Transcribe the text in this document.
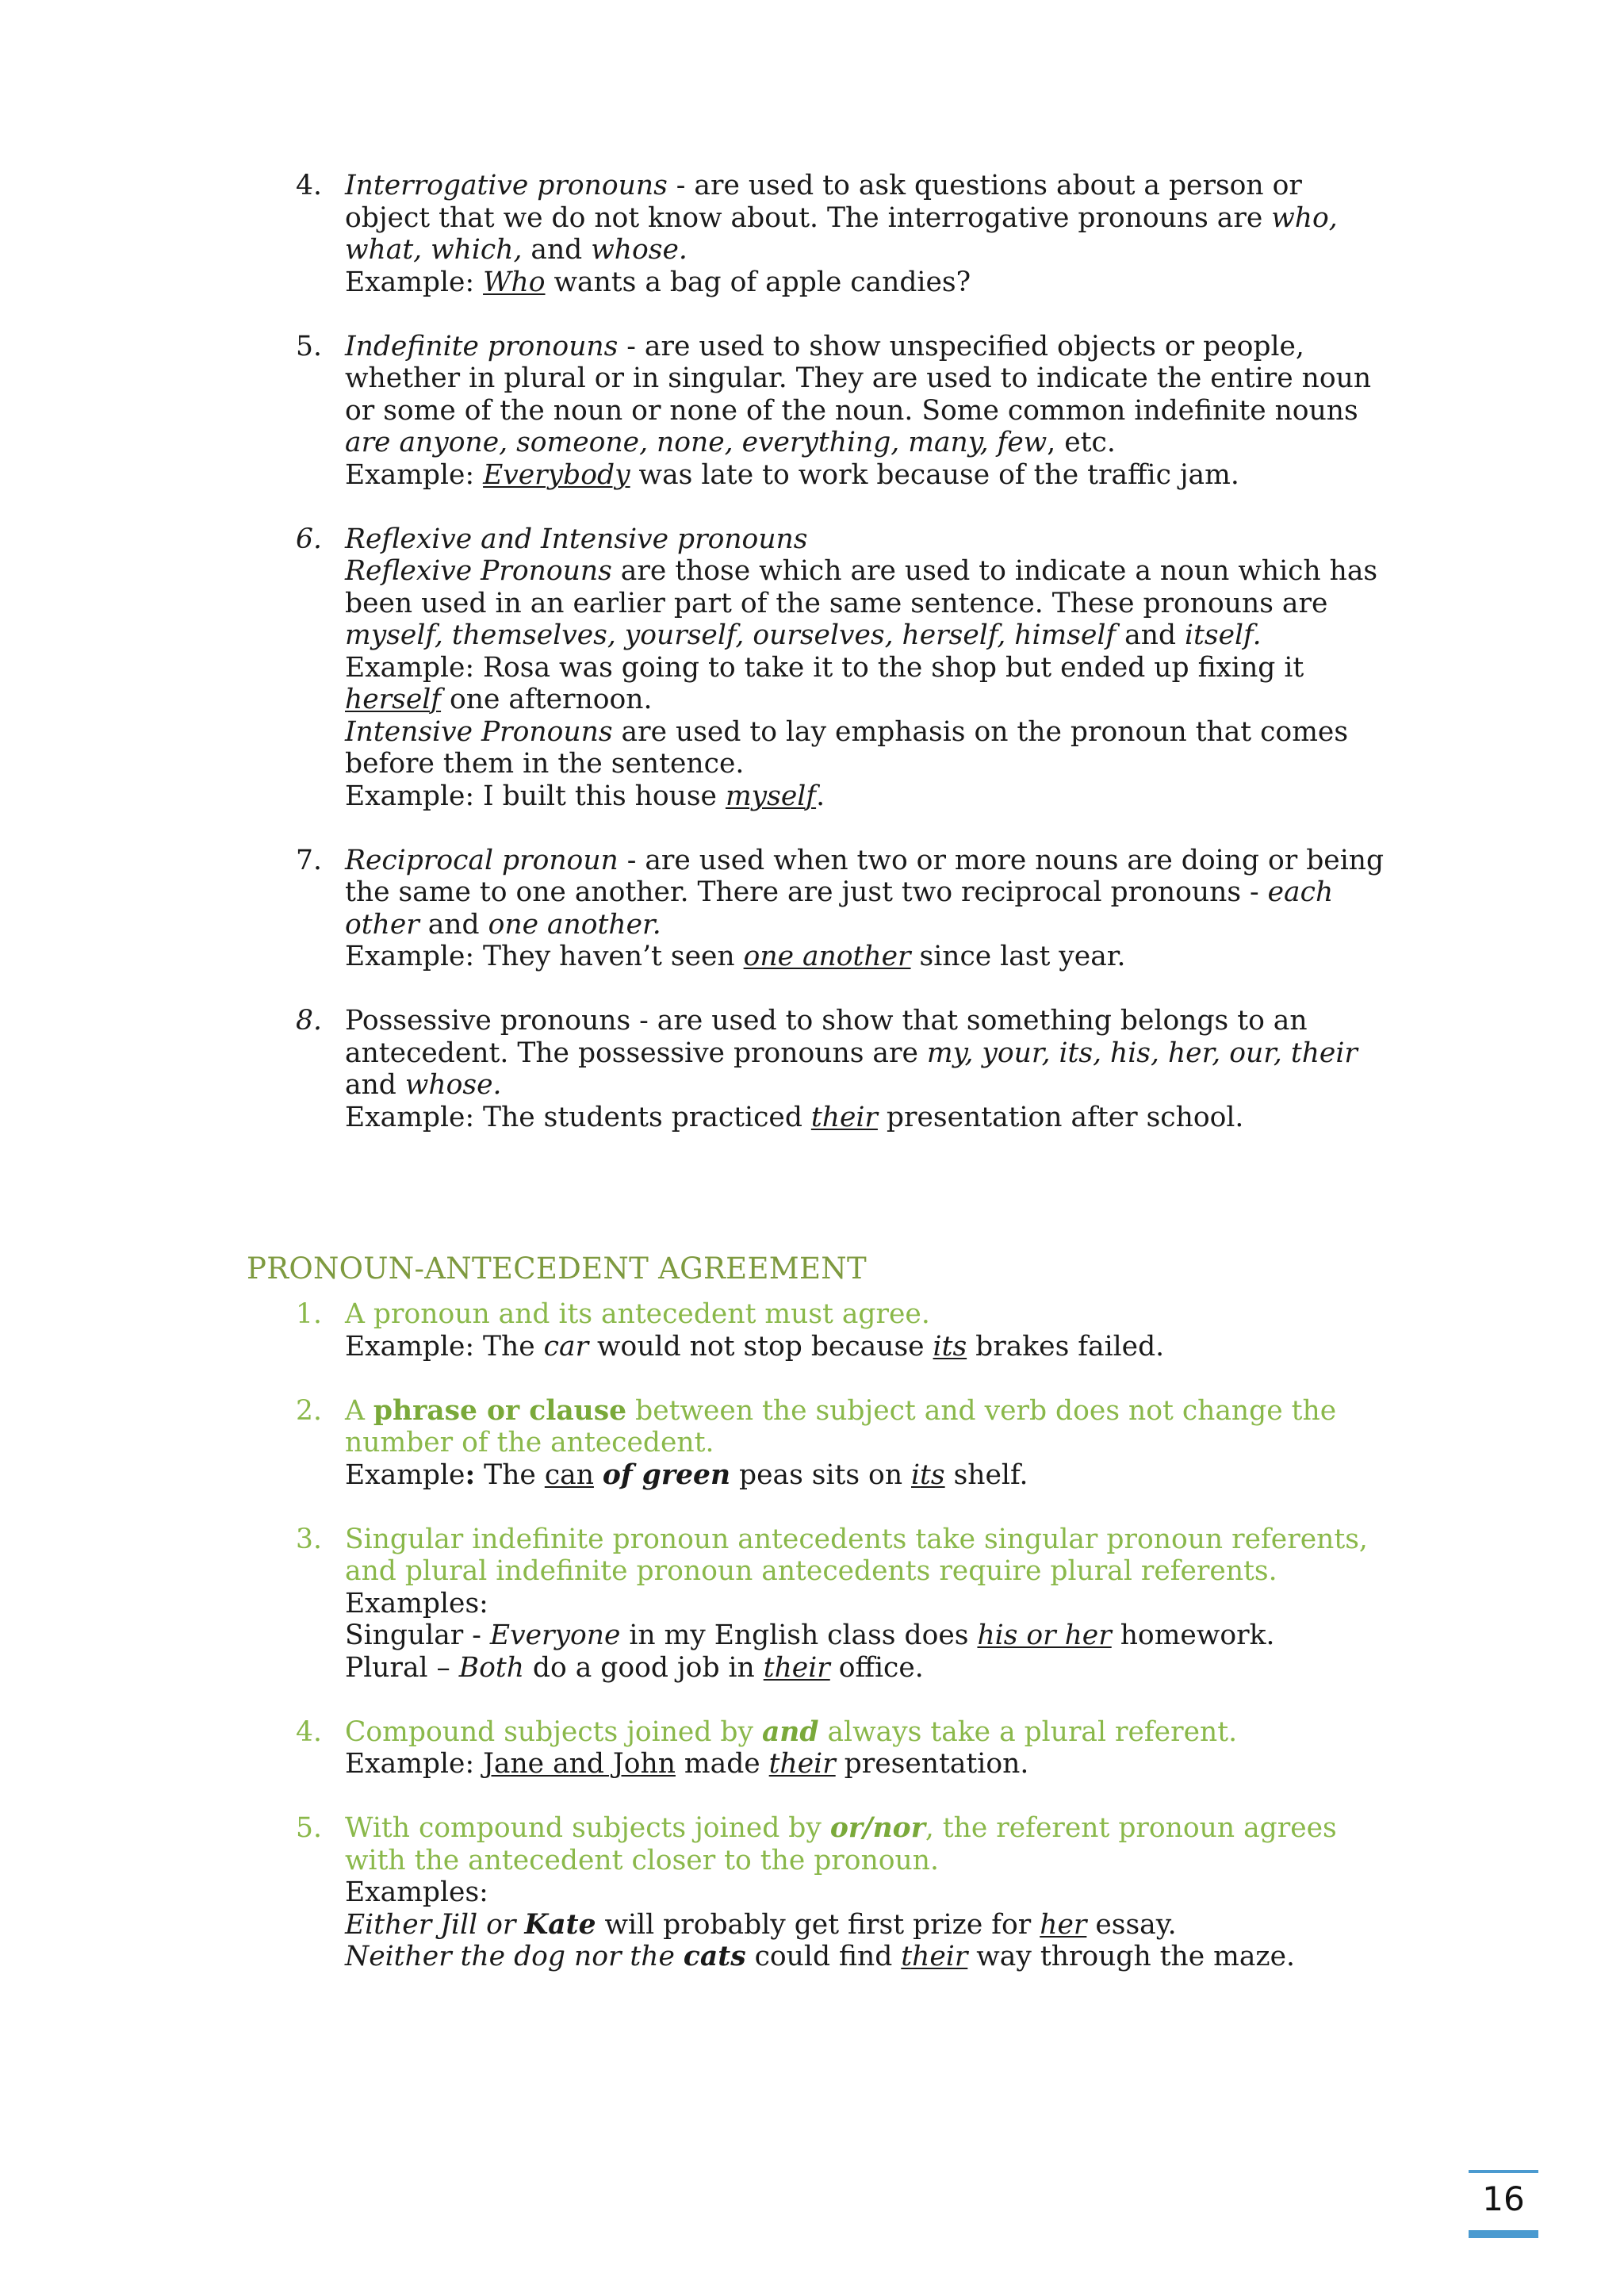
4. Interrogative pronouns - are used to ask questions about a person or object that we do not know about. The interrogative pronouns are who, what, which, and whose.

Example: Who wants a bag of apple candies?

5. Indefinite pronouns - are used to show unspecified objects or people, whether in plural or in singular. They are used to indicate the entire noun or some of the noun or none of the noun. Some common indefinite nouns are anyone, someone, none, everything, many, few, etc.

Example: Everybody was late to work because of the traffic jam.

6. Reflexive and Intensive pronouns

Reflexive Pronouns are those which are used to indicate a noun which has been used in an earlier part of the same sentence. These pronouns are myself, themselves, yourself, ourselves, herself, himself and itself.

Example: Rosa was going to take it to the shop but ended up fixing it herself one afternoon.

Intensive Pronouns are used to lay emphasis on the pronoun that comes before them in the sentence.

Example: I built this house myself.

7. Reciprocal pronoun - are used when two or more nouns are doing or being the same to one another. There are just two reciprocal pronouns - each other and one another.

Example: They haven’t seen one another since last year.

8. Possessive pronouns - are used to show that something belongs to an antecedent. The possessive pronouns are my, your, its, his, her, our, their and whose.

Example: The students practiced their presentation after school.

PRONOUN-ANTECEDENT AGREEMENT
1. A pronoun and its antecedent must agree.

Example: The car would not stop because its brakes failed.

2. A phrase or clause between the subject and verb does not change the number of the antecedent.

Example: The can of green peas sits on its shelf.

3. Singular indefinite pronoun antecedents take singular pronoun referents, and plural indefinite pronoun antecedents require plural referents.

Examples:

Singular - Everyone in my English class does his or her homework.

Plural – Both do a good job in their office.

4. Compound subjects joined by and always take a plural referent.

Example: Jane and John made their presentation.

5. With compound subjects joined by or/nor, the referent pronoun agrees with the antecedent closer to the pronoun.

Examples:

Either Jill or Kate will probably get first prize for her essay.

Neither the dog nor the cats could find their way through the maze.

16
